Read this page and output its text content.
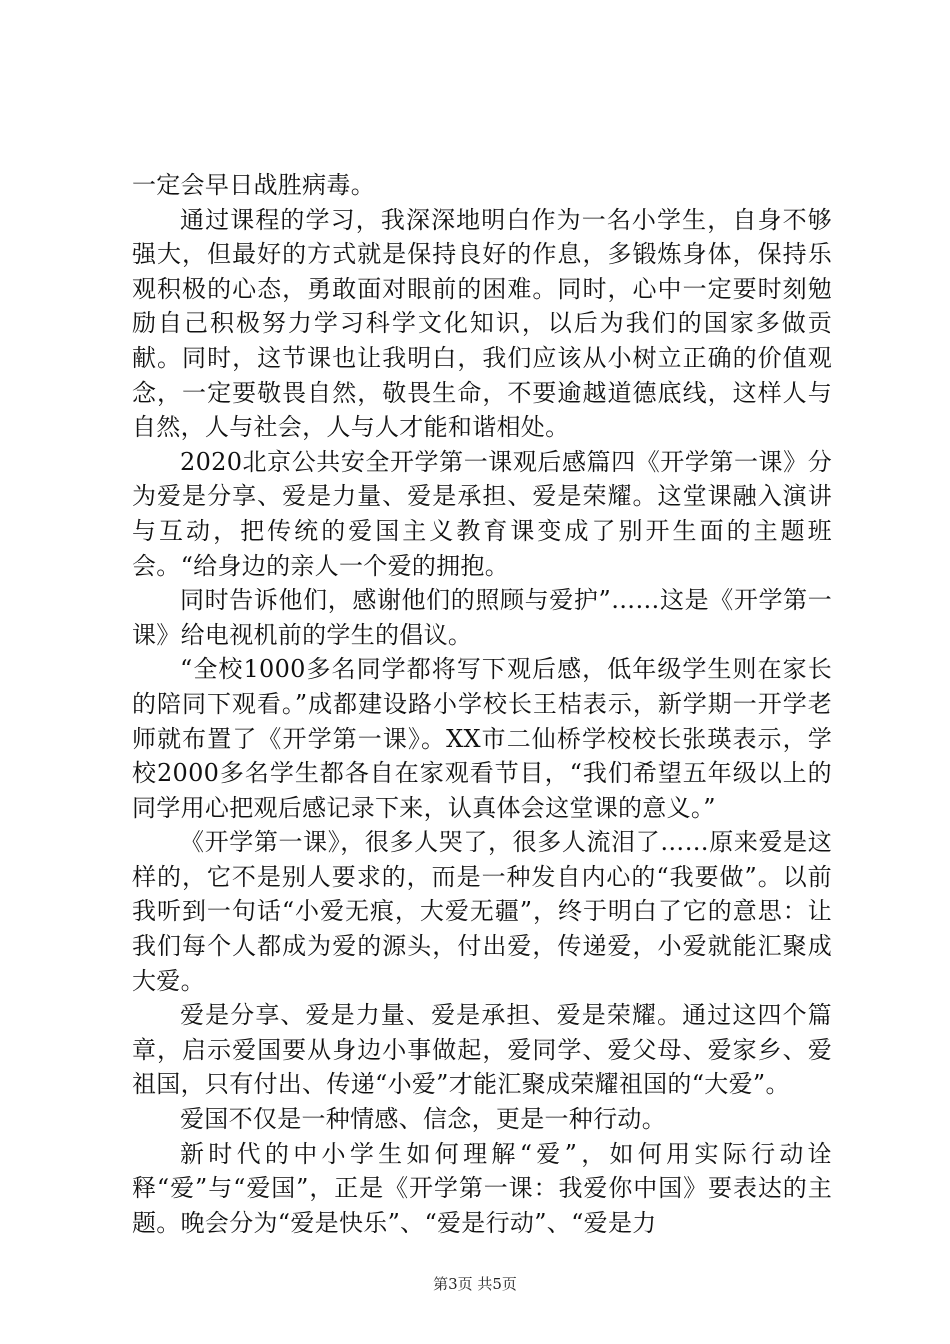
一定会早日战胜病毒。

通过课程的学习，我深深地明白作为一名小学生，自身不够强大，但最好的方式就是保持良好的作息，多锻炼身体，保持乐观积极的心态，勇敢面对眼前的困难。同时，心中一定要时刻勉励自己积极努力学习科学文化知识，以后为我们的国家多做贡献。同时，这节课也让我明白，我们应该从小树立正确的价值观念，一定要敬畏自然，敬畏生命，不要逾越道德底线，这样人与自然，人与社会，人与人才能和谐相处。

2020北京公共安全开学第一课观后感篇四《开学第一课》分为爱是分享、爱是力量、爱是承担、爱是荣耀。这堂课融入演讲与互动，把传统的爱国主义教育课变成了别开生面的主题班会。“给身边的亲人一个爱的拥抱。

同时告诉他们，感谢他们的照顾与爱护”……这是《开学第一课》给电视机前的学生的倡议。

“全校1000多名同学都将写下观后感，低年级学生则在家长的陪同下观看。”成都建设路小学校长王桔表示，新学期一开学老师就布置了《开学第一课》。XX市二仙桥学校校长张瑛表示，学校2000多名学生都各自在家观看节目，“我们希望五年级以上的同学用心把观后感记录下来，认真体会这堂课的意义。”

《开学第一课》，很多人哭了，很多人流泪了……原来爱是这样的，它不是别人要求的，而是一种发自内心的“我要做”。以前我听到一句话“小爱无痕，大爱无疆”，终于明白了它的意思：让我们每个人都成为爱的源头，付出爱，传递爱，小爱就能汇聚成大爱。

爱是分享、爱是力量、爱是承担、爱是荣耀。通过这四个篇章，启示爱国要从身边小事做起，爱同学、爱父母、爱家乡、爱祖国，只有付出、传递“小爱”才能汇聚成荣耀祖国的“大爱”。

爱国不仅是一种情感、信念，更是一种行动。

新时代的中小学生如何理解“爱”，如何用实际行动诠释“爱”与“爱国”，正是《开学第一课：我爱你中国》要表达的主题。晚会分为“爱是快乐”、“爱是行动”、“爱是力

第3页 共5页
